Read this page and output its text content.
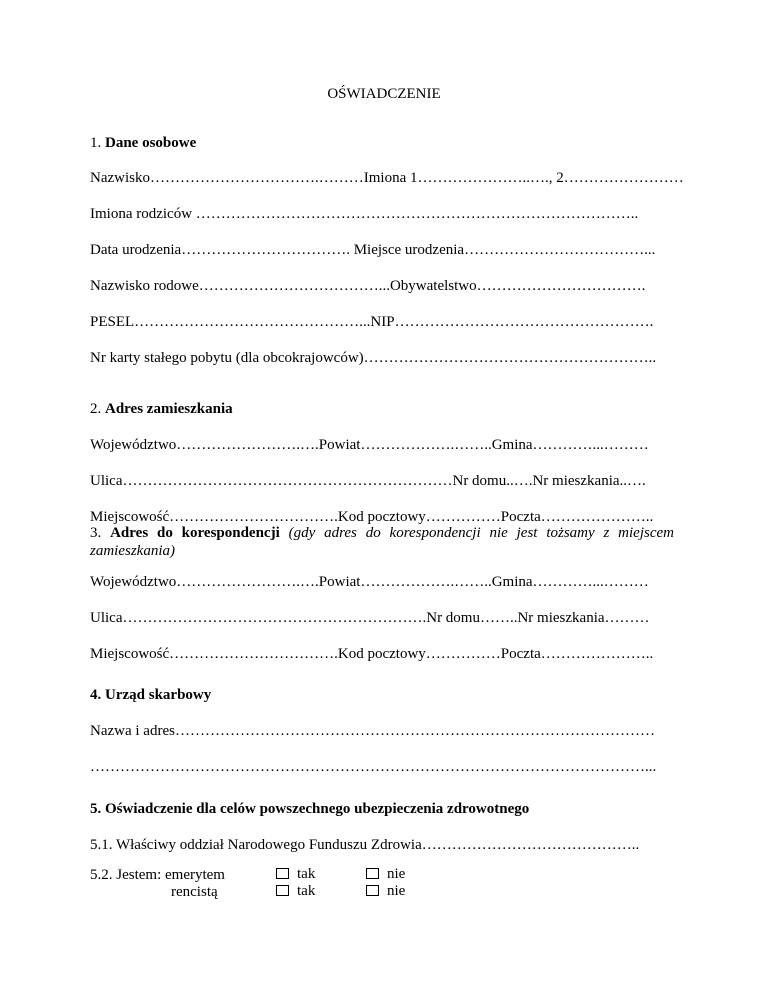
OŚWIADCZENIE
1. Dane osobowe
Nazwisko…………………………….………Imiona 1…………………..…., 2……………………
Imiona rodziców ……………………………………………………………………………..
Data urodzenia……………………………. Miejsce urodzenia………………………………...
Nazwisko rodowe………………………………...Obywatelstwo…………………………….
PESEL………………………………………...NIP…………………………………………….
Nr karty stałego pobytu (dla obcokrajowców)…………………………………………………..
2. Adres zamieszkania
Województwo…………………….….Powiat……………….……..Gmina…………...………
Ulica…………………………………………………………Nr domu..….Nr mieszkania..….
Miejscowość…………………………….Kod pocztowy……………Poczta…………………..
3. Adres do korespondencji (gdy adres do korespondencji nie jest tożsamy z miejscem
zamieszkania)
Województwo…………………….….Powiat……………….……..Gmina…………...………
Ulica…………………………………………………….Nr domu……..Nr mieszkania………
Miejscowość…………………………….Kod pocztowy……………Poczta…………………..
4. Urząd skarbowy
Nazwa i adres……………………………………………………………………………………
…………………………………………………………………………………………………...
5. Oświadczenie dla celów powszechnego ubezpieczenia zdrowotnego
5.1. Właściwy oddział Narodowego Funduszu Zdrowia……………………………………..
5.2. Jestem: emerytem
rencistą
tak	nie
tak	nie
